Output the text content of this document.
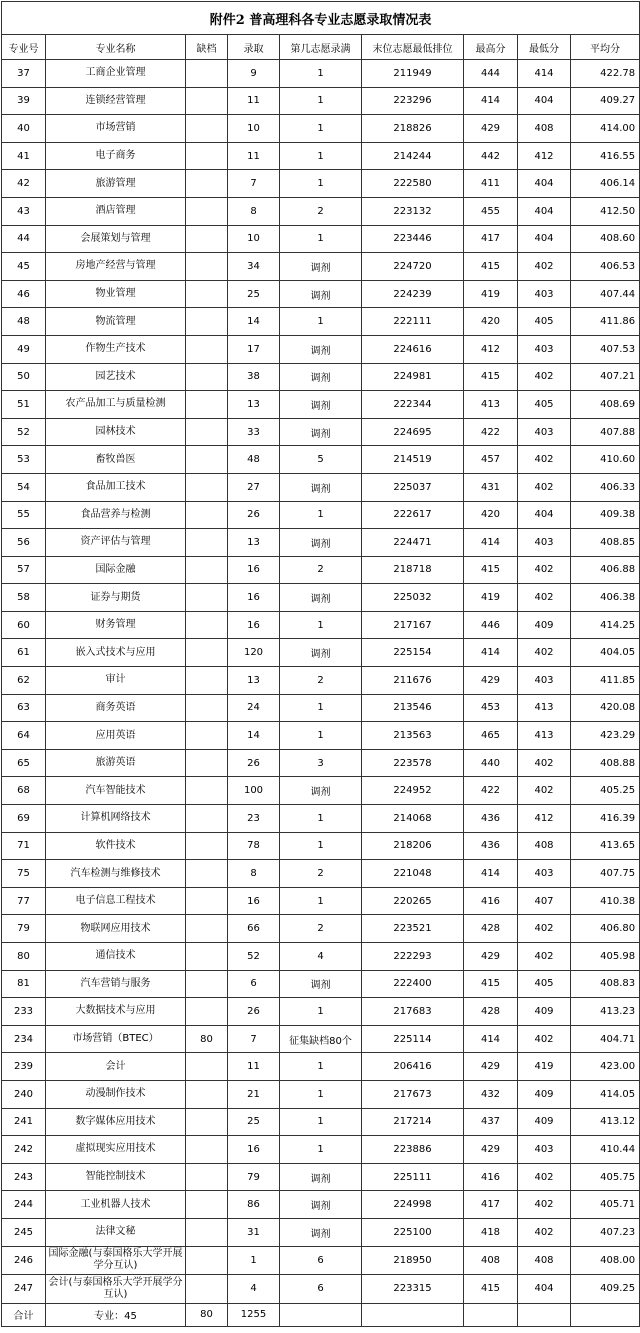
附件2 普高理科各专业志愿录取情况表								
专业号	专业名称	缺档	录取	第几志愿录满	末位志愿最低排位	最高分	最低分	平均分
37	工商企业管理		9	1	211949	444	414	422.78
39	连锁经营管理		11	1	223296	414	404	409.27
40	市场营销		10	1	218826	429	408	414.00
41	电子商务		11	1	214244	442	412	416.55
42	旅游管理		7	1	222580	411	404	406.14
43	酒店管理		8	2	223132	455	404	412.50
44	会展策划与管理		10	1	223446	417	404	408.60
45	房地产经营与管理		34	调剂	224720	415	402	406.53
46	物业管理		25	调剂	224239	419	403	407.44
48	物流管理		14	1	222111	420	405	411.86
49	作物生产技术		17	调剂	224616	412	403	407.53
50	园艺技术		38	调剂	224981	415	402	407.21
51	农产品加工与质量检测		13	调剂	222344	413	405	408.69
52	园林技术		33	调剂	224695	422	403	407.88
53	畜牧兽医		48	5	214519	457	402	410.60
54	食品加工技术		27	调剂	225037	431	402	406.33
55	食品营养与检测		26	1	222617	420	404	409.38
56	资产评估与管理		13	调剂	224471	414	403	408.85
57	国际金融		16	2	218718	415	402	406.88
58	证券与期货		16	调剂	225032	419	402	406.38
60	财务管理		16	1	217167	446	409	414.25
61	嵌入式技术与应用		120	调剂	225154	414	402	404.05
62	审计		13	2	211676	429	403	411.85
63	商务英语		24	1	213546	453	413	420.08
64	应用英语		14	1	213563	465	413	423.29
65	旅游英语		26	3	223578	440	402	408.88
68	汽车智能技术		100	调剂	224952	422	402	405.25
69	计算机网络技术		23	1	214068	436	412	416.39
71	软件技术		78	1	218206	436	408	413.65
75	汽车检测与维修技术		8	2	221048	414	403	407.75
77	电子信息工程技术		16	1	220265	416	407	410.38
79	物联网应用技术		66	2	223521	428	402	406.80
80	通信技术		52	4	222293	429	402	405.98
81	汽车营销与服务		6	调剂	222400	415	405	408.83
233	大数据技术与应用		26	1	217683	428	409	413.23
234	市场营销（BTEC）	80	7	征集缺档80个	225114	414	402	404.71
239	会计		11	1	206416	429	419	423.00
240	动漫制作技术		21	1	217673	432	409	414.05
241	数字媒体应用技术		25	1	217214	437	409	413.12
242	虚拟现实应用技术		16	1	223886	429	403	410.44
243	智能控制技术		79	调剂	225111	416	402	405.75
244	工业机器人技术		86	调剂	224998	417	402	405.71
245	法律文秘		31	调剂	225100	418	402	407.23
246	国际金融(与泰国格乐大学开展学分互认)		1	6	218950	408	408	408.00
247	会计(与泰国格乐大学开展学分互认)		4	6	223315	415	404	409.25
合计	专业：45	80	1255					
